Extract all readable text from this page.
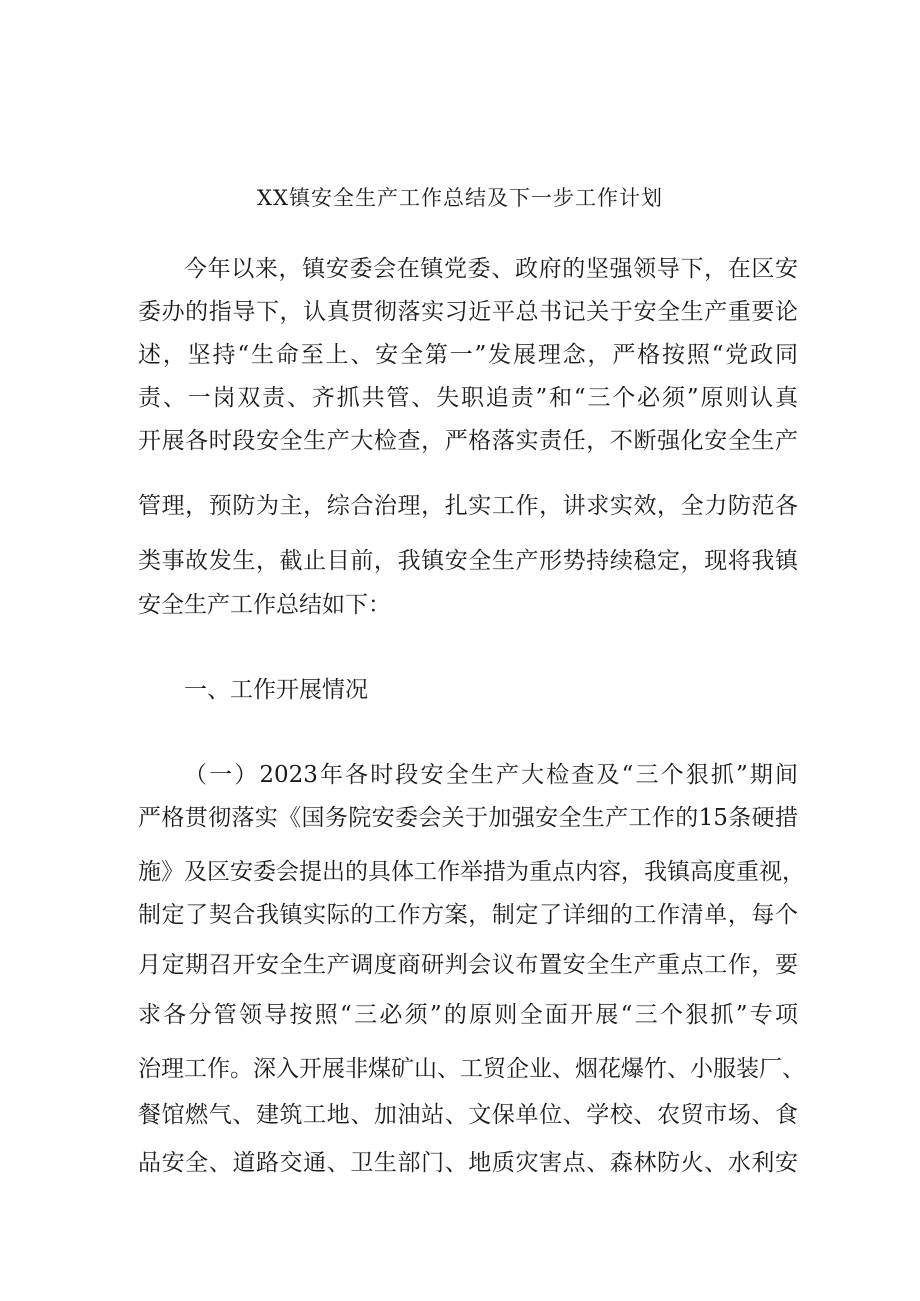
XX镇安全生产工作总结及下一步工作计划
今年以来，镇安委会在镇党委、政府的坚强领导下，在区安
委办的指导下，认真贯彻落实习近平总书记关于安全生产重要论
述，坚持“生命至上、安全第一”发展理念，严格按照“党政同
责、一岗双责、齐抓共管、失职追责”和“三个必须”原则认真
开展各时段安全生产大检查，严格落实责任，不断强化安全生产
管理，预防为主，综合治理，扎实工作，讲求实效，全力防范各
类事故发生，截止目前，我镇安全生产形势持续稳定，现将我镇
安全生产工作总结如下：
一、工作开展情况
（一）2023年各时段安全生产大检查及“三个狠抓”期间
严格贯彻落实《国务院安委会关于加强安全生产工作的15条硬措
施》及区安委会提出的具体工作举措为重点内容，我镇高度重视，
制定了契合我镇实际的工作方案，制定了详细的工作清单，每个
月定期召开安全生产调度商研判会议布置安全生产重点工作，要
求各分管领导按照“三必须”的原则全面开展“三个狠抓”专项
治理工作。深入开展非煤矿山、工贸企业、烟花爆竹、小服装厂、
餐馆燃气、建筑工地、加油站、文保单位、学校、农贸市场、食
品安全、道路交通、卫生部门、地质灾害点、森林防火、水利安
